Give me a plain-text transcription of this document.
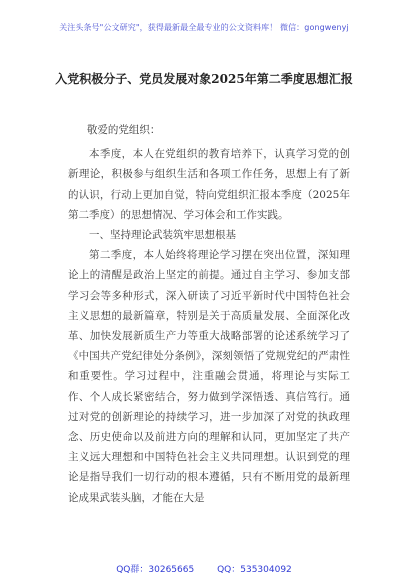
关注头条号"公文研究"，获得最新最全最专业的公文资料库！ 微信：gongwenyj
入党积极分子、党员发展对象2025年第二季度思想汇报

敬爱的党组织：

本季度，本人在党组织的教育培养下，认真学习党的创新理论，积极参与组织生活和各项工作任务，思想上有了新的认识，行动上更加自觉，特向党组织汇报本季度（2025年第二季度）的思想情况、学习体会和工作实践。

一、坚持理论武装筑牢思想根基

第二季度，本人始终将理论学习摆在突出位置，深知理论上的清醒是政治上坚定的前提。通过自主学习、参加支部学习会等多种形式，深入研读了习近平新时代中国特色社会主义思想的最新篇章，特别是关于高质量发展、全面深化改革、加快发展新质生产力等重大战略部署的论述系统学习了《中国共产党纪律处分条例》，深刻领悟了党规党纪的严肃性和重要性。学习过程中，注重融会贯通，将理论与实际工作、个人成长紧密结合，努力做到学深悟透、真信笃行。通过对党的创新理论的持续学习，进一步加深了对党的执政理念、历史使命以及前进方向的理解和认同，更加坚定了共产主义远大理想和中国特色社会主义共同理想。认识到党的理论是指导我们一切行动的根本遵循，只有不断用党的最新理论成果武装头脑，才能在大是

QQ群：30265665	QQ：535304092
